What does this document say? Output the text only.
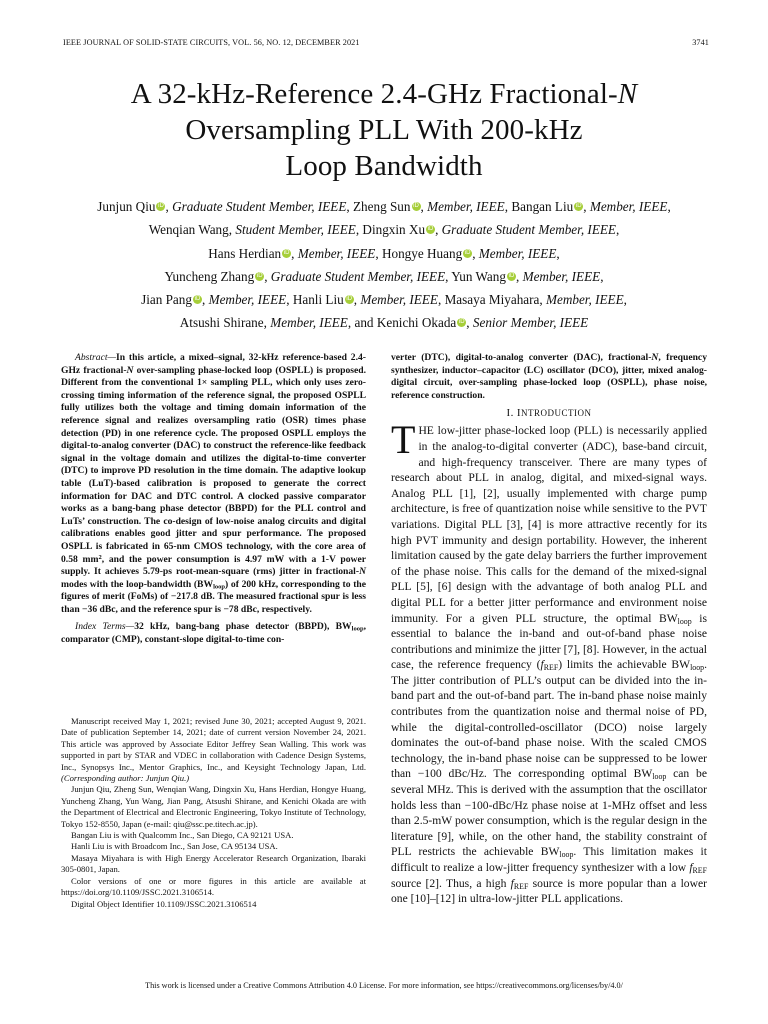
IEEE JOURNAL OF SOLID-STATE CIRCUITS, VOL. 56, NO. 12, DECEMBER 2021	3741
A 32-kHz-Reference 2.4-GHz Fractional-N
Oversampling PLL With 200-kHz
Loop Bandwidth
Junjun Qiu iD , Graduate Student Member, IEEE, Zheng Sun iD , Member, IEEE, Bangan Liu iD , Member, IEEE,
Wenqian Wang, Student Member, IEEE, Dingxin Xu iD , Graduate Student Member, IEEE,
Hans Herdian iD , Member, IEEE, Hongye Huang iD , Member, IEEE,
Yuncheng Zhang iD , Graduate Student Member, IEEE, Yun Wang iD , Member, IEEE,
Jian Pang iD , Member, IEEE, Hanli Liu iD , Member, IEEE, Masaya Miyahara, Member, IEEE,
Atsushi Shirane, Member, IEEE, and Kenichi Okada iD , Senior Member, IEEE

Abstract—In this article, a mixed–signal, 32-kHz reference-based 2.4-GHz fractional-N over-sampling phase-locked loop (OSPLL) is proposed. Different from the conventional 1× sampling PLL, which only uses zero-crossing timing information of the reference signal, the proposed OSPLL fully utilizes both the voltage and timing domain information of the reference signal and realizes oversampling ratio (OSR) times phase detection (PD) in one reference cycle. The proposed OSPLL employs the digital-to-analog converter (DAC) to construct the reference-like feedback signal in the voltage domain and utilizes the digital-to-time converter (DTC) to improve PD resolution in the time domain. The adaptive lookup table (LuT)-based calibration is proposed to generate the correct information for DAC and DTC control. A clocked passive comparator works as a bang-bang phase detector (BBPD) for the PLL control and LuTs’ construction. The co-design of low-noise analog circuits and digital calibrations enables good jitter and spur performance. The proposed OSPLL is fabricated in 65-nm CMOS technology, with the core area of 0.58 $mm^2$, and the power consumption is 4.97 mW with a 1-V power supply. It achieves 5.79-ps root-mean-square (rms) jitter in fractional-N modes with the loop-bandwidth $(BW_{loop})$ of 200 kHz, corresponding to the figures of merit (FoMs) of −217.8 dB. The measured fractional spur is less than −36 dBc, and the reference spur is −78 dBc, respectively.

Index Terms—32 kHz, bang-bang phase detector (BBPD), $BW_{loop}$, comparator (CMP), constant-slope digital-to-time con-

Manuscript received May 1, 2021; revised June 30, 2021; accepted August 9, 2021. Date of publication September 14, 2021; date of current version November 24, 2021. This article was approved by Associate Editor Jeffrey Sean Walling. This work was supported in part by STAR and VDEC in collaboration with Cadence Design Systems, Inc., Synopsys Inc., Mentor Graphics, Inc., and Keysight Technology Japan, Ltd. (Corresponding author: Junjun Qiu.)

Junjun Qiu, Zheng Sun, Wenqian Wang, Dingxin Xu, Hans Herdian, Hongye Huang, Yuncheng Zhang, Yun Wang, Jian Pang, Atsushi Shirane, and Kenichi Okada are with the Department of Electrical and Electronic Engineering, Tokyo Institute of Technology, Tokyo 152-8550, Japan (e-mail: qiu@ssc.pe.titech.ac.jp).

Bangan Liu is with Qualcomm Inc., San Diego, CA 92121 USA.

Hanli Liu is with Broadcom Inc., San Jose, CA 95134 USA.

Masaya Miyahara is with High Energy Accelerator Research Organization, Ibaraki 305-0801, Japan.

Color versions of one or more figures in this article are available at https://doi.org/10.1109/JSSC.2021.3106514.

Digital Object Identifier 10.1109/JSSC.2021.3106514

verter (DTC), digital-to-analog converter (DAC), fractional-N, frequency synthesizer, inductor–capacitor (LC) oscillator (DCO), jitter, mixed analog-digital circuit, over-sampling phase-locked loop (OSPLL), phase noise, reference construction.

I. INTRODUCTION

THE low-jitter phase-locked loop (PLL) is necessarily applied in the analog-to-digital converter (ADC), base-band circuit, and high-frequency transceiver. There are many types of research about PLL in analog, digital, and mixed-signal ways. Analog PLL [1], [2], usually implemented with charge pump architecture, is free of quantization noise while sensitive to the PVT variations. Digital PLL [3], [4] is more attractive recently for its high PVT immunity and design portability. However, the inherent limitation caused by the gate delay barriers the further improvement of the phase noise. This calls for the demand of the mixed-signal PLL [5], [6] design with the advantage of both analog PLL and digital PLL for a better jitter performance and environment noise immunity. For a given PLL structure, the optimal $BW_{loop}$ is essential to balance the in-band and out-of-band phase noise contributions and minimize the jitter [7], [8]. However, in the actual case, the reference frequency $(f_{REF})$ limits the achievable $BW_{loop}$. The jitter contribution of PLL’s output can be divided into the in-band part and the out-of-band part. The in-band phase noise mainly contributes from the quantization noise and thermal noise of PD, while the digital-controlled-oscillator (DCO) noise largely dominates the out-of-band phase noise. With the scaled CMOS technology, the in-band phase noise can be suppressed to be lower than −100 dBc/Hz. The corresponding optimal $BW_{loop}$ can be several MHz. This is derived with the assumption that the oscillator holds less than −100-dBc/Hz phase noise at 1-MHz offset and less than 2.5-mW power consumption, which is the regular design in the literature [9], while, on the other hand, the stability constraint of PLL restricts the achievable $BW_{loop}$. This limitation makes it difficult to realize a low-jitter frequency synthesizer with a low $f_{REF}$ source [2]. Thus, a high $f_{REF}$ source is more popular than a lower one [10]–[12] in ultra-low-jitter PLL applications.

This work is licensed under a Creative Commons Attribution 4.0 License. For more information, see https://creativecommons.org/licenses/by/4.0/
